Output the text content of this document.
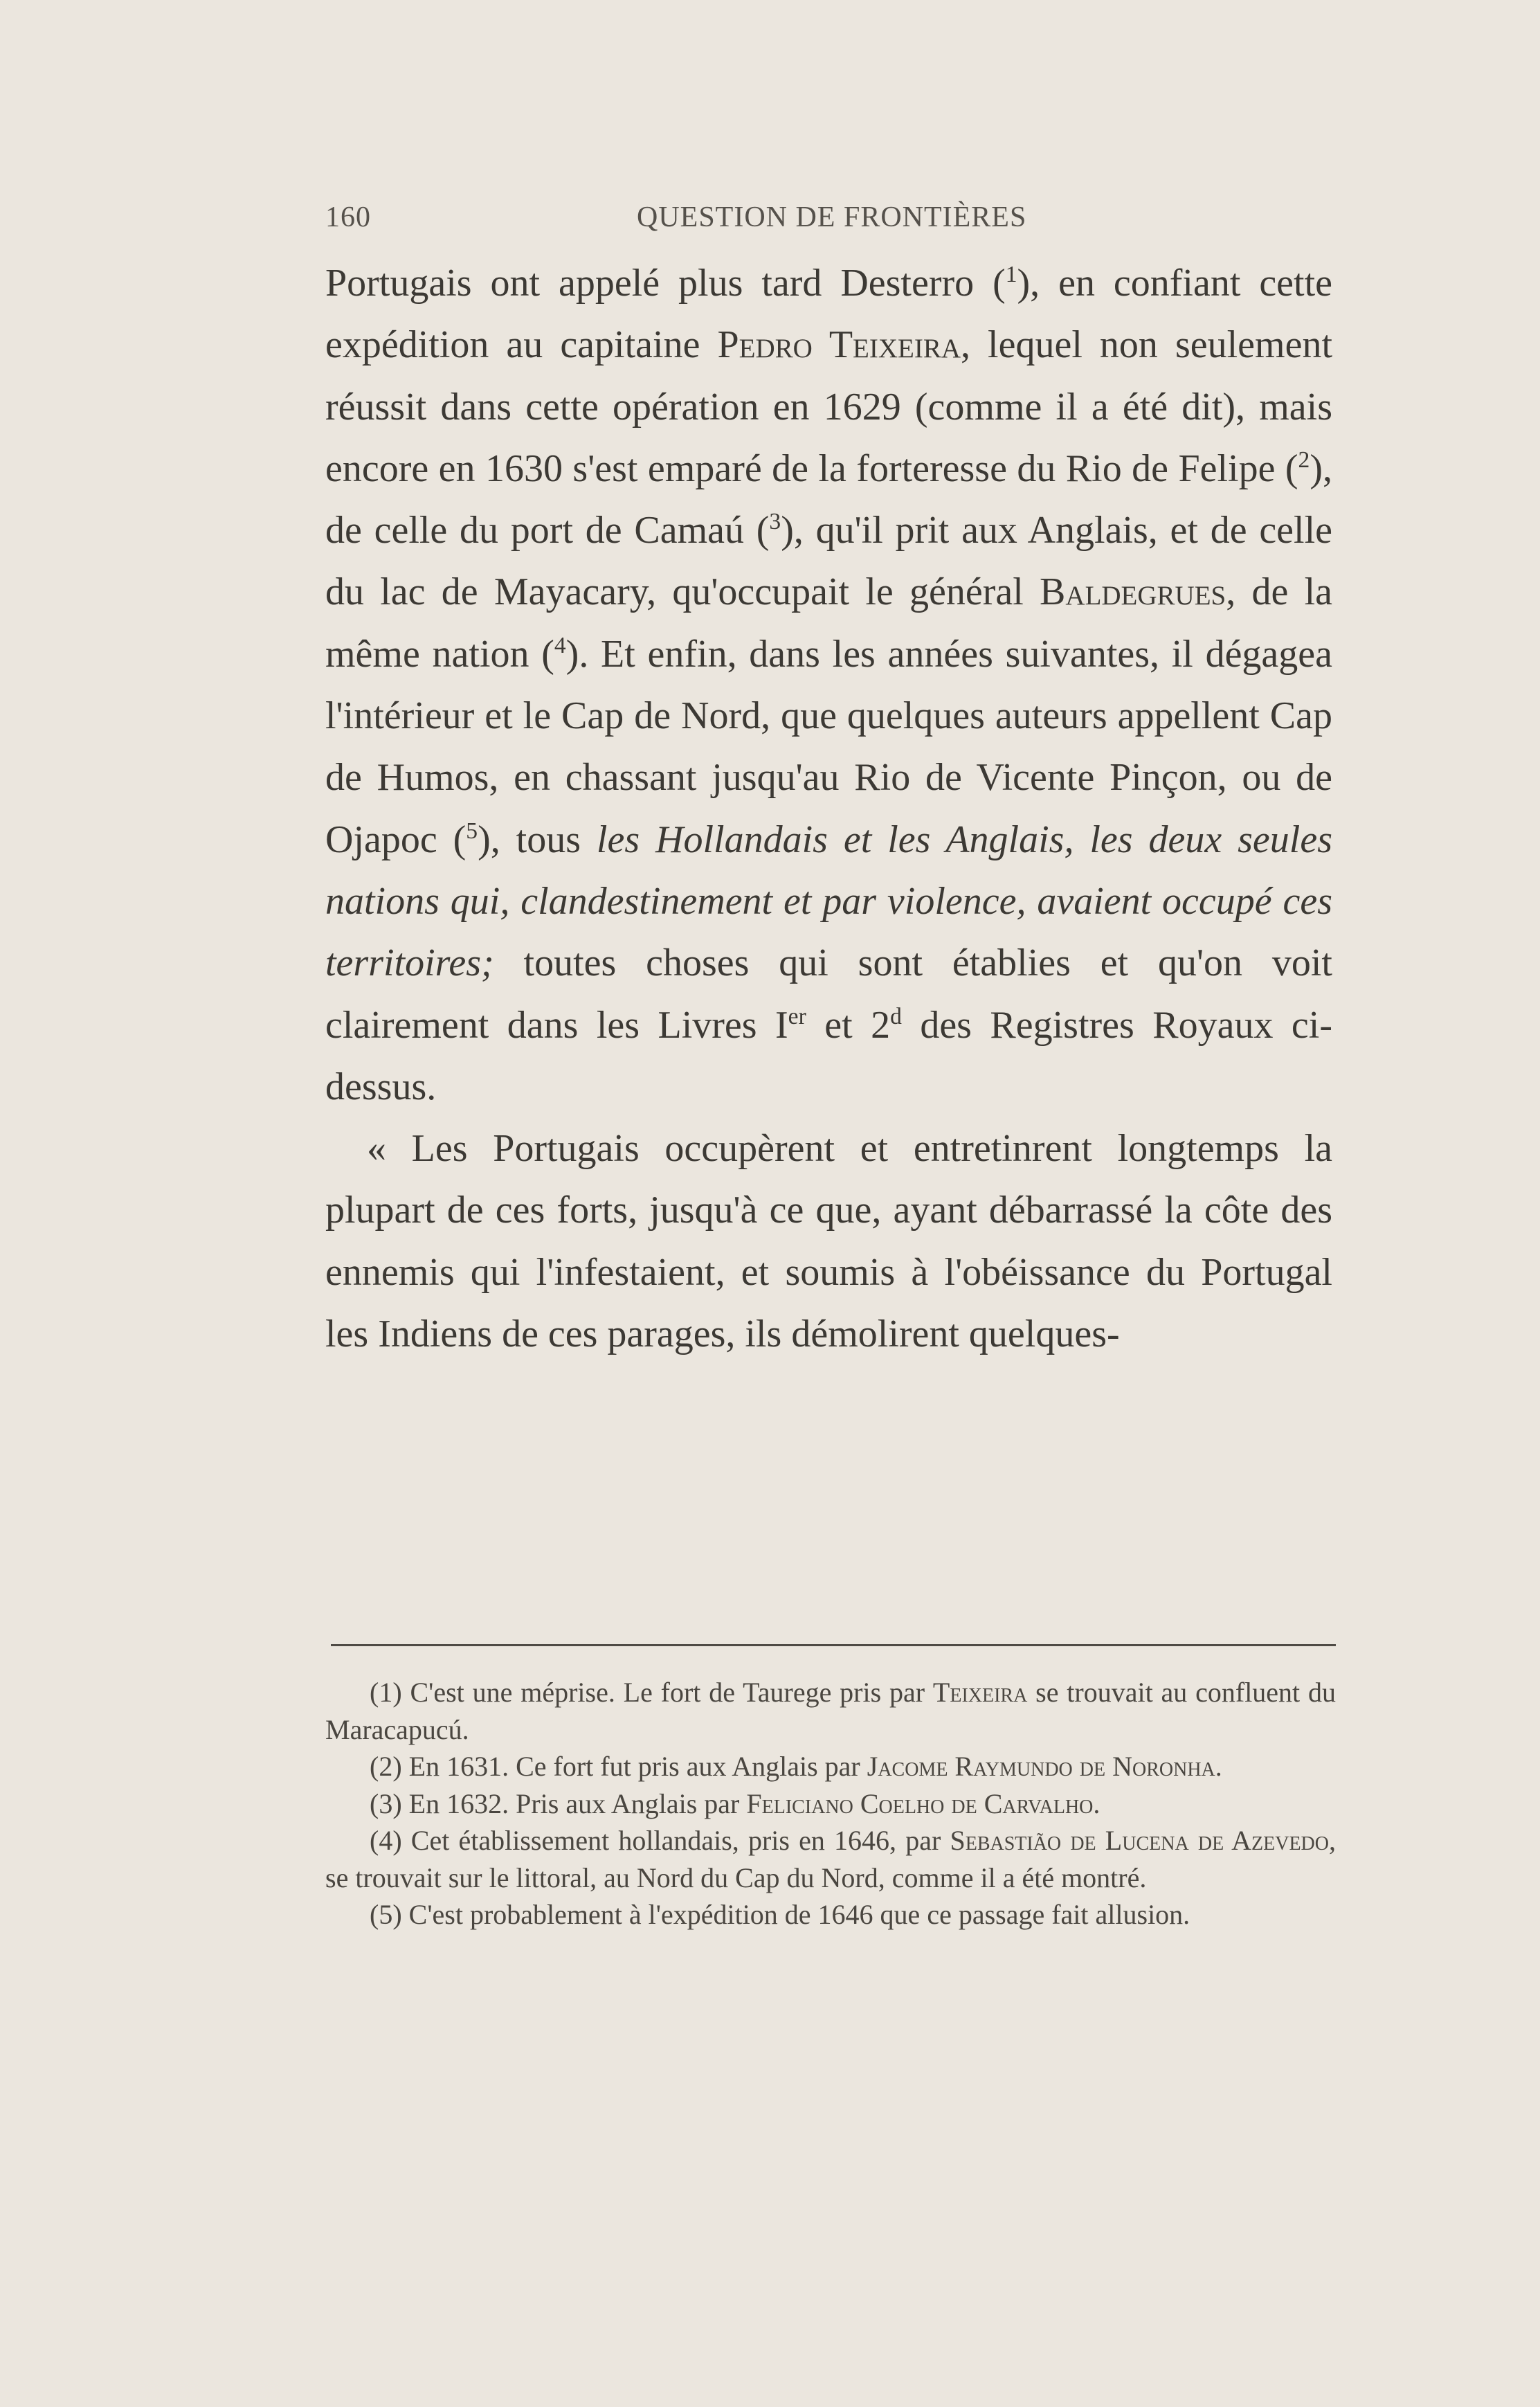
160	QUESTION DE FRONTIÈRES

Portugais ont appelé plus tard Desterro ($^1$), en confiant cette expédition au capitaine Pedro Teixeira, lequel non seulement réussit dans cette opération en 1629 (comme il a été dit), mais encore en 1630 s'est emparé de la forteresse du Rio de Felipe ($^2$), de celle du port de Camaú ($^3$), qu'il prit aux Anglais, et de celle du lac de Mayacary, qu'occupait le général Baldegrues, de la même nation ($^4$). Et enfin, dans les années suivantes, il dégagea l'intérieur et le Cap de Nord, que quelques auteurs appellent Cap de Humos, en chassant jusqu'au Rio de Vicente Pinçon, ou de Ojapoc ($^5$), tous les Hollandais et les Anglais, les deux seules nations qui, clandestinement et par violence, avaient occupé ces territoires; toutes choses qui sont établies et qu'on voit clairement dans les Livres Ier et 2$^d$ des Registres Royaux ci-dessus.

« Les Portugais occupèrent et entretinrent longtemps la plupart de ces forts, jusqu'à ce que, ayant débarrassé la côte des ennemis qui l'infestaient, et soumis à l'obéissance du Portugal les Indiens de ces parages, ils démolirent quelques-

(1) C'est une méprise. Le fort de Taurege pris par Teixeira se trouvait au confluent du Maracapucú.

(2) En 1631. Ce fort fut pris aux Anglais par Jacome Raymundo de Noronha.

(3) En 1632. Pris aux Anglais par Feliciano Coelho de Carvalho.

(4) Cet établissement hollandais, pris en 1646, par Sebastião de Lucena de Azevedo, se trouvait sur le littoral, au Nord du Cap du Nord, comme il a été montré.

(5) C'est probablement à l'expédition de 1646 que ce passage fait allusion.
